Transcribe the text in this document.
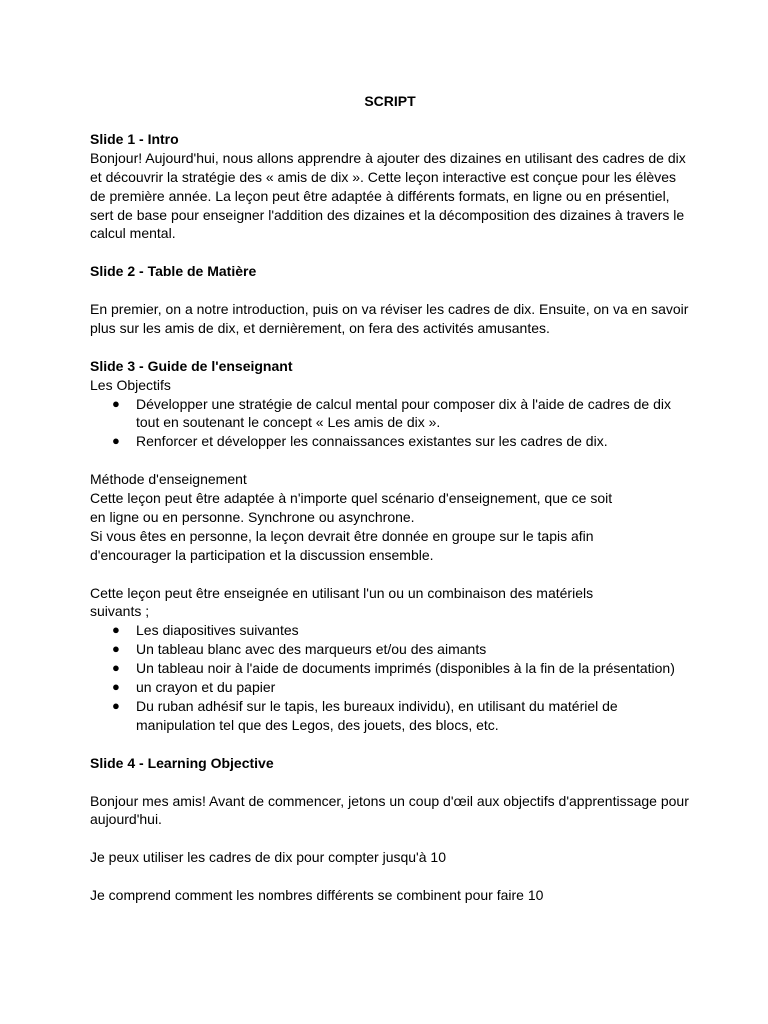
SCRIPT
Slide 1 - Intro

Bonjour! Aujourd'hui, nous allons apprendre à ajouter des dizaines en utilisant des cadres de dix et découvrir la stratégie des « amis de dix ». Cette leçon interactive est conçue pour les élèves de première année. La leçon peut être adaptée à différents formats, en ligne ou en présentiel, sert de base pour enseigner l'addition des dizaines et la décomposition des dizaines à travers le calcul mental.

Slide 2 - Table de Matière

En premier, on a notre introduction, puis on va réviser les cadres de dix. Ensuite, on va en savoir plus sur les amis de dix, et dernièrement, on fera des activités amusantes.

Slide 3 - Guide de l'enseignant
Les Objectifs
● Développer une stratégie de calcul mental pour composer dix à l'aide de cadres de dix tout en soutenant le concept « Les amis de dix ».
● Renforcer et développer les connaissances existantes sur les cadres de dix.
Méthode d'enseignement
Cette leçon peut être adaptée à n'importe quel scénario d'enseignement, que ce soit
en ligne ou en personne. Synchrone ou asynchrone.
Si vous êtes en personne, la leçon devrait être donnée en groupe sur le tapis afin
d'encourager la participation et la discussion ensemble.
Cette leçon peut être enseignée en utilisant l'un ou un combinaison des matériels
suivants ;
● Les diapositives suivantes
● Un tableau blanc avec des marqueurs et/ou des aimants
● Un tableau noir à l'aide de documents imprimés (disponibles à la fin de la présentation)
● un crayon et du papier
● Du ruban adhésif sur le tapis, les bureaux individu), en utilisant du matériel de manipulation tel que des Legos, des jouets, des blocs, etc.
Slide 4 - Learning Objective

Bonjour mes amis! Avant de commencer, jetons un coup d'œil aux objectifs d'apprentissage pour aujourd'hui.

Je peux utiliser les cadres de dix pour compter jusqu'à 10

Je comprend comment les nombres différents se combinent pour faire 10
